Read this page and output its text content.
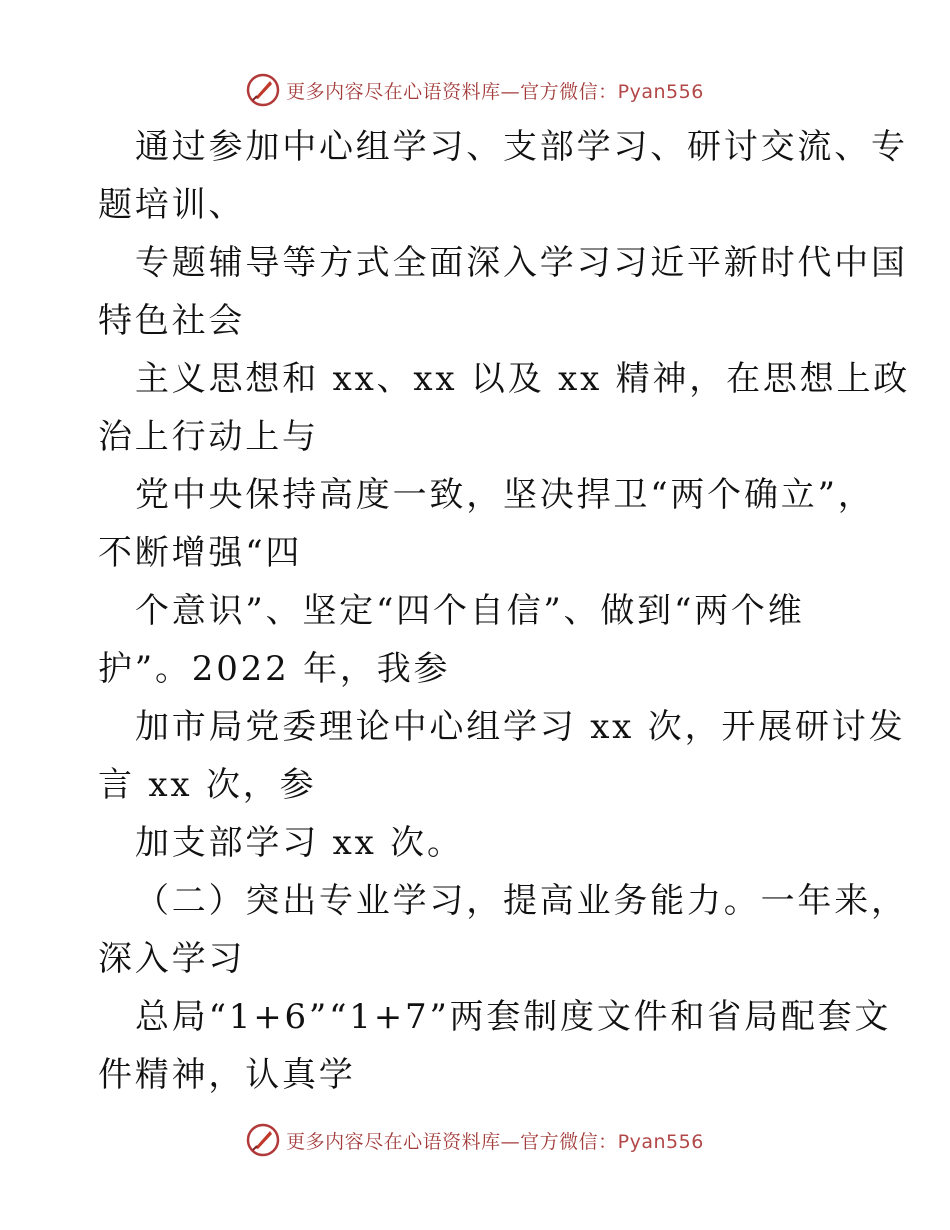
更多内容尽在心语资料库—官方微信：Pyan556
通过参加中心组学习、支部学习、研讨交流、专
题培训、
专题辅导等方式全面深入学习习近平新时代中国
特色社会
主义思想和 xx、xx 以及 xx 精神，在思想上政
治上行动上与
党中央保持高度一致，坚决捍卫“两个确立”，
不断增强“四
个意识”、坚定“四个自信”、做到“两个维
护”。2022 年，我参
加市局党委理论中心组学习 xx 次，开展研讨发
言 xx 次，参
加支部学习 xx 次。
（二）突出专业学习，提高业务能力。一年来，
深入学习
总局“1+6”“1+7”两套制度文件和省局配套文
件精神，认真学
更多内容尽在心语资料库—官方微信：Pyan556
